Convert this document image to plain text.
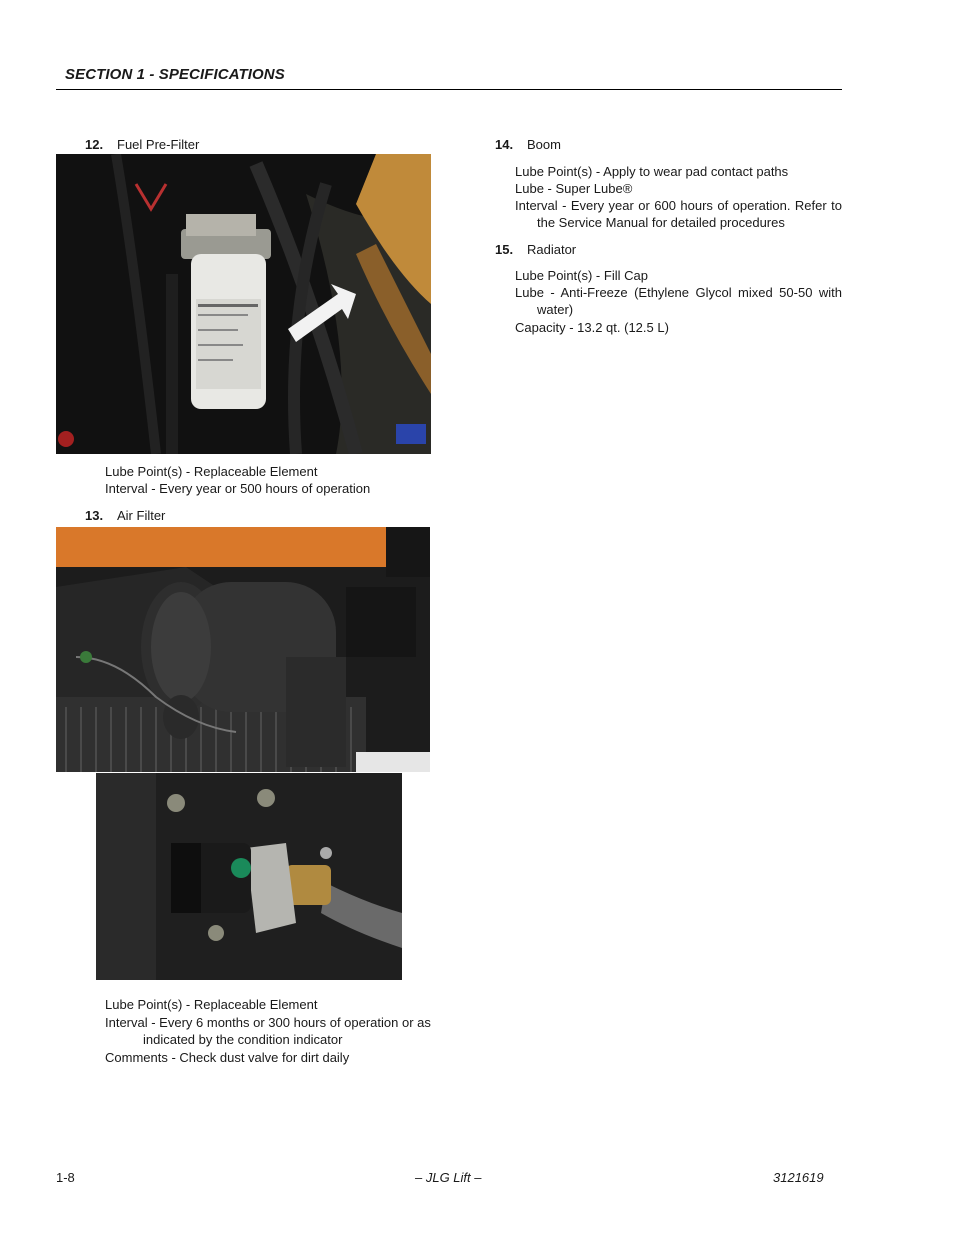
SECTION 1 - SPECIFICATIONS
12. Fuel Pre-Filter
Lube Point(s) - Replaceable Element
Interval - Every year or 500 hours of operation
13. Air Filter
Lube Point(s) - Replaceable Element
Interval - Every 6 months or 300 hours of operation or as
indicated by the condition indicator
Comments - Check dust valve for dirt daily
14. Boom
Lube Point(s) - Apply to wear pad contact paths
Lube - Super Lube®
Interval - Every year or 600 hours of operation. Refer to
the Service Manual for detailed procedures
15. Radiator
Lube Point(s) - Fill Cap
Lube - Anti-Freeze (Ethylene Glycol mixed 50-50 with
water)
Capacity - 13.2 qt. (12.5 L)
1-8	– JLG Lift –	3121619
